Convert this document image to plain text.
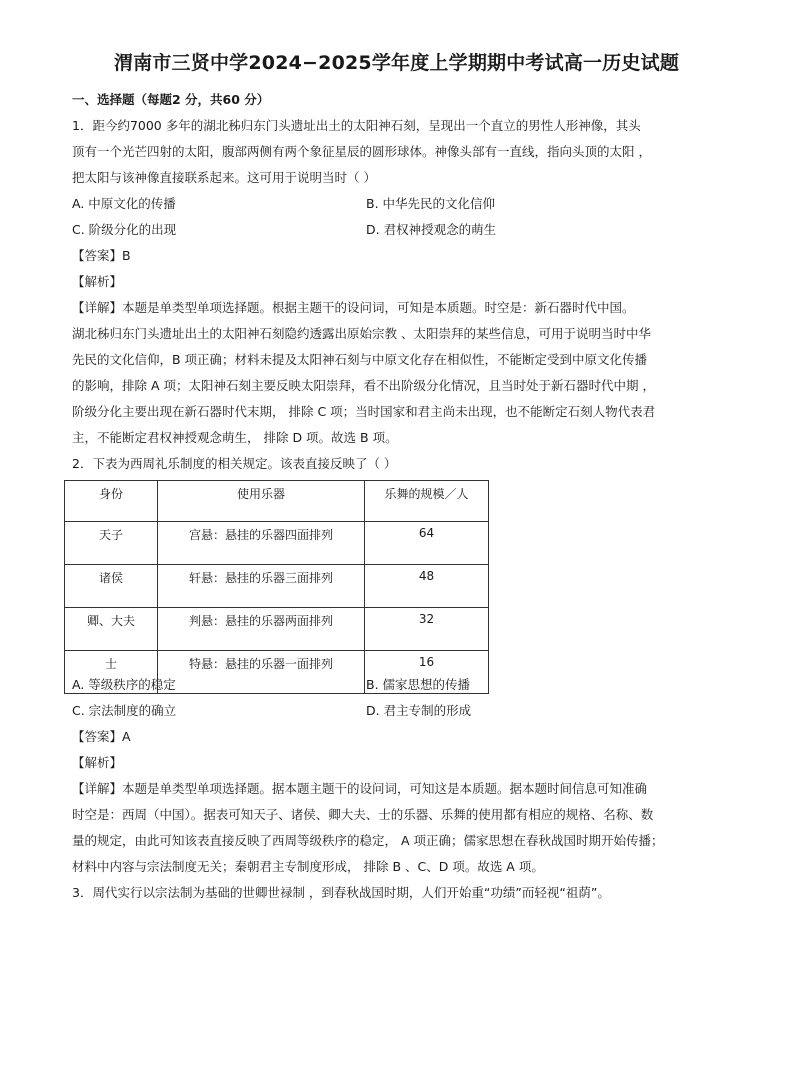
渭南市三贤中学2024−2025学年度上学期期中考试高一历史试题
一、选择题（每题2 分，共60 分）
1．距今约7000 多年的湖北秭归东门头遗址出土的太阳神石刻，呈现出一个直立的男性人形神像，其头
顶有一个光芒四射的太阳，腹部两侧有两个象征星辰的圆形球体。神像头部有一直线，指向头顶的太阳 ，
把太阳与该神像直接联系起来。这可用于说明当时（ ）
A. 中原文化的传播	B. 中华先民的文化信仰
C. 阶级分化的出现	D. 君权神授观念的萌生
【答案】B
【解析】
【详解】本题是单类型单项选择题。根据主题干的设问词，可知是本质题。时空是：新石器时代中国。
湖北秭归东门头遗址出土的太阳神石刻隐约透露出原始宗教 、太阳崇拜的某些信息，可用于说明当时中华
先民的文化信仰，B 项正确；材料未提及太阳神石刻与中原文化存在相似性，不能断定受到中原文化传播
的影响，排除 A 项；太阳神石刻主要反映太阳崇拜，看不出阶级分化情况，且当时处于新石器时代中期 ，
阶级分化主要出现在新石器时代末期， 排除 C 项；当时国家和君主尚未出现，也不能断定石刻人物代表君
主，不能断定君权神授观念萌生， 排除 D 项。故选 B 项。
2．下表为西周礼乐制度的相关规定。该表直接反映了（ ）
身份	使用乐器	乐舞的规模／人
天子	宫悬：悬挂的乐器四面排列	64
诸侯	轩悬：悬挂的乐器三面排列	48
卿、大夫	判悬：悬挂的乐器两面排列	32
士	特悬：悬挂的乐器一面排列	16
A. 等级秩序的稳定	B. 儒家思想的传播
C. 宗法制度的确立	D. 君主专制的形成
【答案】A
【解析】
【详解】本题是单类型单项选择题。据本题主题干的设问词，可知这是本质题。据本题时间信息可知准确
时空是：西周（中国）。据表可知天子、诸侯、卿大夫、士的乐器、乐舞的使用都有相应的规格、名称、数
量的规定，由此可知该表直接反映了西周等级秩序的稳定， A 项正确；儒家思想在春秋战国时期开始传播；
材料中内容与宗法制度无关；秦朝君主专制度形成， 排除 B 、C、D 项。故选 A 项。
3．周代实行以宗法制为基础的世卿世禄制 ，到春秋战国时期，人们开始重“功绩”而轻视“祖荫”。
